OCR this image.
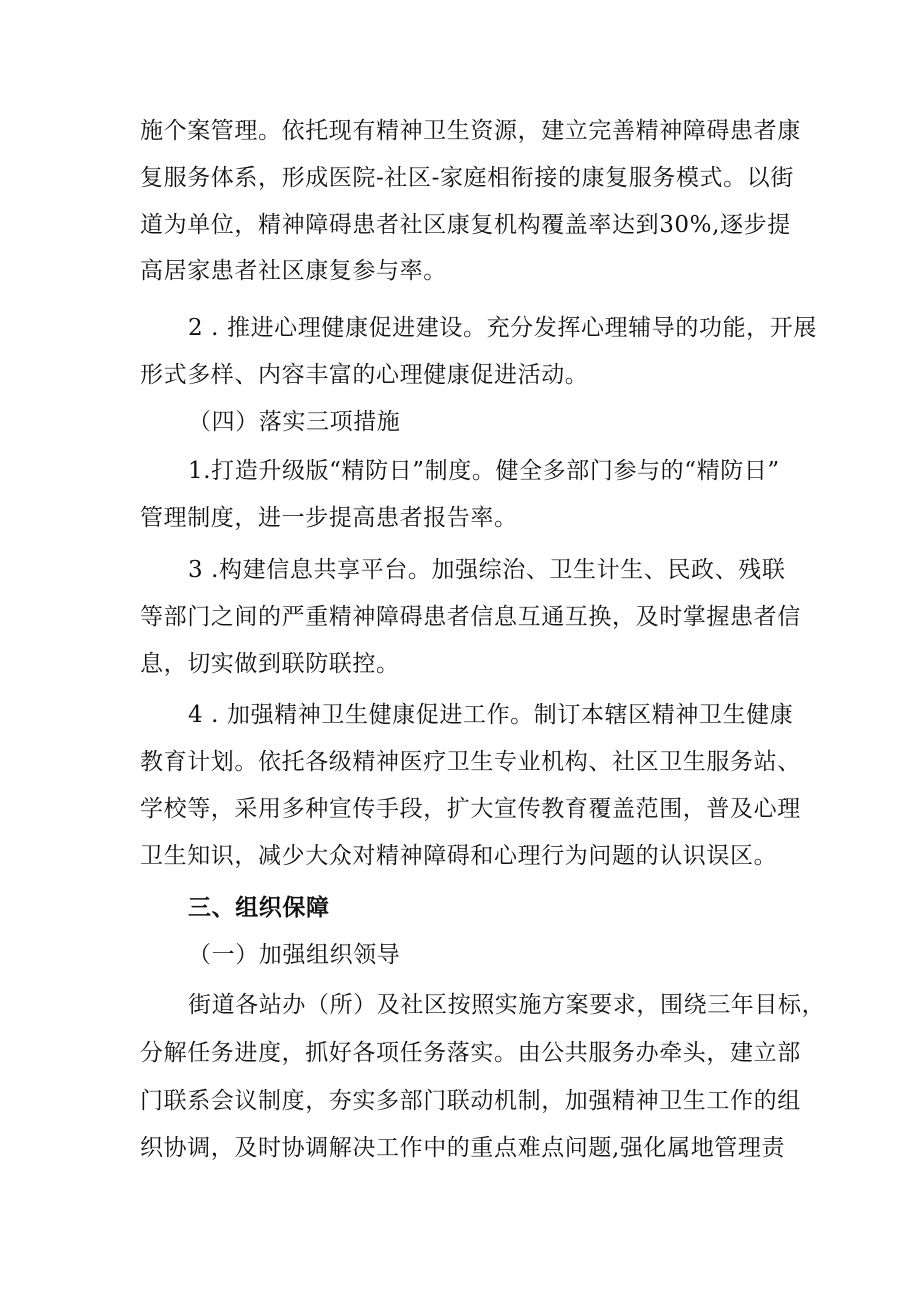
施个案管理。依托现有精神卫生资源，建立完善精神障碍患者康
复服务体系，形成医院-社区-家庭相衔接的康复服务模式。以街
道为单位，精神障碍患者社区康复机构覆盖率达到30%,逐步提
高居家患者社区康复参与率。
2 . 推进心理健康促进建设。充分发挥心理辅导的功能，开展
形式多样、内容丰富的心理健康促进活动。
（四）落实三项措施
1.打造升级版“精防日”制度。健全多部门参与的“精防日”
管理制度，进一步提高患者报告率。
3 .构建信息共享平台。加强综治、卫生计生、民政、残联
等部门之间的严重精神障碍患者信息互通互换，及时掌握患者信
息，切实做到联防联控。
4 . 加强精神卫生健康促进工作。制订本辖区精神卫生健康
教育计划。依托各级精神医疗卫生专业机构、社区卫生服务站、
学校等，采用多种宣传手段，扩大宣传教育覆盖范围，普及心理
卫生知识，减少大众对精神障碍和心理行为问题的认识误区。
三、组织保障
（一）加强组织领导
街道各站办（所）及社区按照实施方案要求，围绕三年目标，
分解任务进度，抓好各项任务落实。由公共服务办牵头，建立部
门联系会议制度，夯实多部门联动机制，加强精神卫生工作的组
织协调，及时协调解决工作中的重点难点问题,强化属地管理责
